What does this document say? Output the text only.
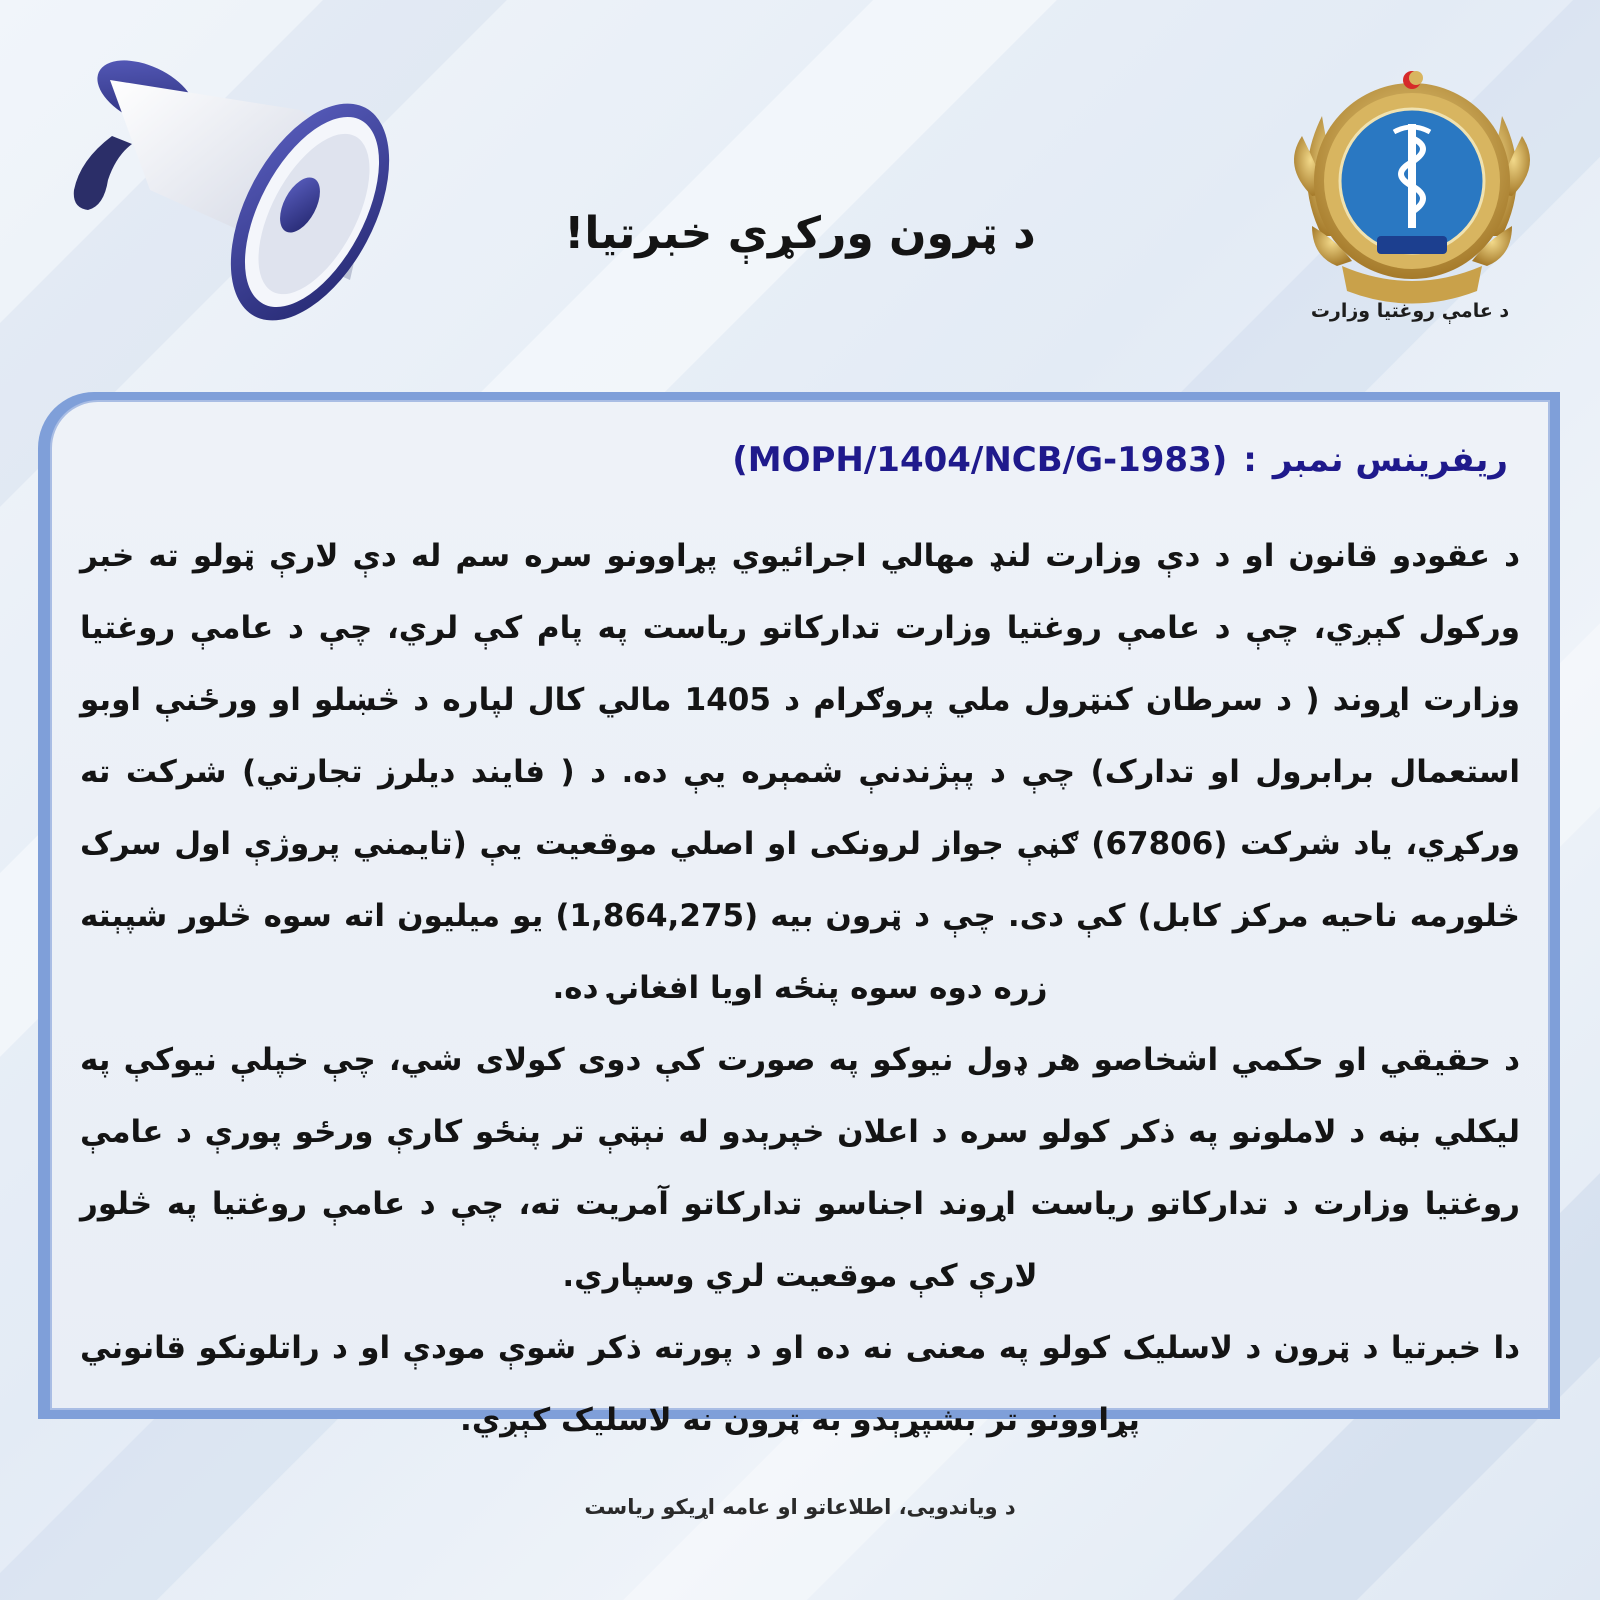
د ټرون ورکړې خبرتیا!
د عامې روغتیا وزارت
ریفرینس نمبر:(MOPH/1404/NCB/G-1983)

د عقودو قانون او د دې وزارت لنډ مهالي اجرائیوي پړاوونو سره سم له دې لارې ټولو ته خبر ورکول کېږي، چې د عامې روغتیا وزارت تدارکاتو ریاست په پام کې لري، چې د عامې روغتیا وزارت اړوند ( د سرطان کنټرول ملي پروګرام د 1405 مالي کال لپاره د څښلو او ورځنې اوبو استعمال برابرول او تدارک) چې د پېژندنې شمېره یې ده. د ( فایند دیلرز تجارتي) شرکت ته ورکړي، یاد شرکت (67806) ګڼې جواز لرونکی او اصلي موقعیت یې (تایمني پروژې اول سرک څلورمه ناحیه مرکز کابل) کې دی. چې د ټرون بیه (1,864,275) یو میلیون اته سوه څلور شپېته زره دوه سوه پنځه اویا افغانۍ ده.

د حقیقي او حکمي اشخاصو هر ډول نیوکو په صورت کې دوی کولای شي، چې خپلې نیوکې په لیکلي بڼه د لاملونو په ذکر کولو سره د اعلان خپرېدو له نېټې تر پنځو کارې ورځو پورې د عامې روغتیا وزارت د تدارکاتو ریاست اړوند اجناسو تدارکاتو آمریت ته، چې د عامې روغتیا په څلور لارې کې موقعیت لري وسپاري.

دا خبرتیا د ټرون د لاسلیک کولو په معنی نه ده او د پورته ذکر شوې مودې او د راتلونکو قانوني پړاوونو تر بشپړېدو به ټرون نه لاسلیک کېږي.

د ویاندویی، اطلاعاتو او عامه اړیکو ریاست
